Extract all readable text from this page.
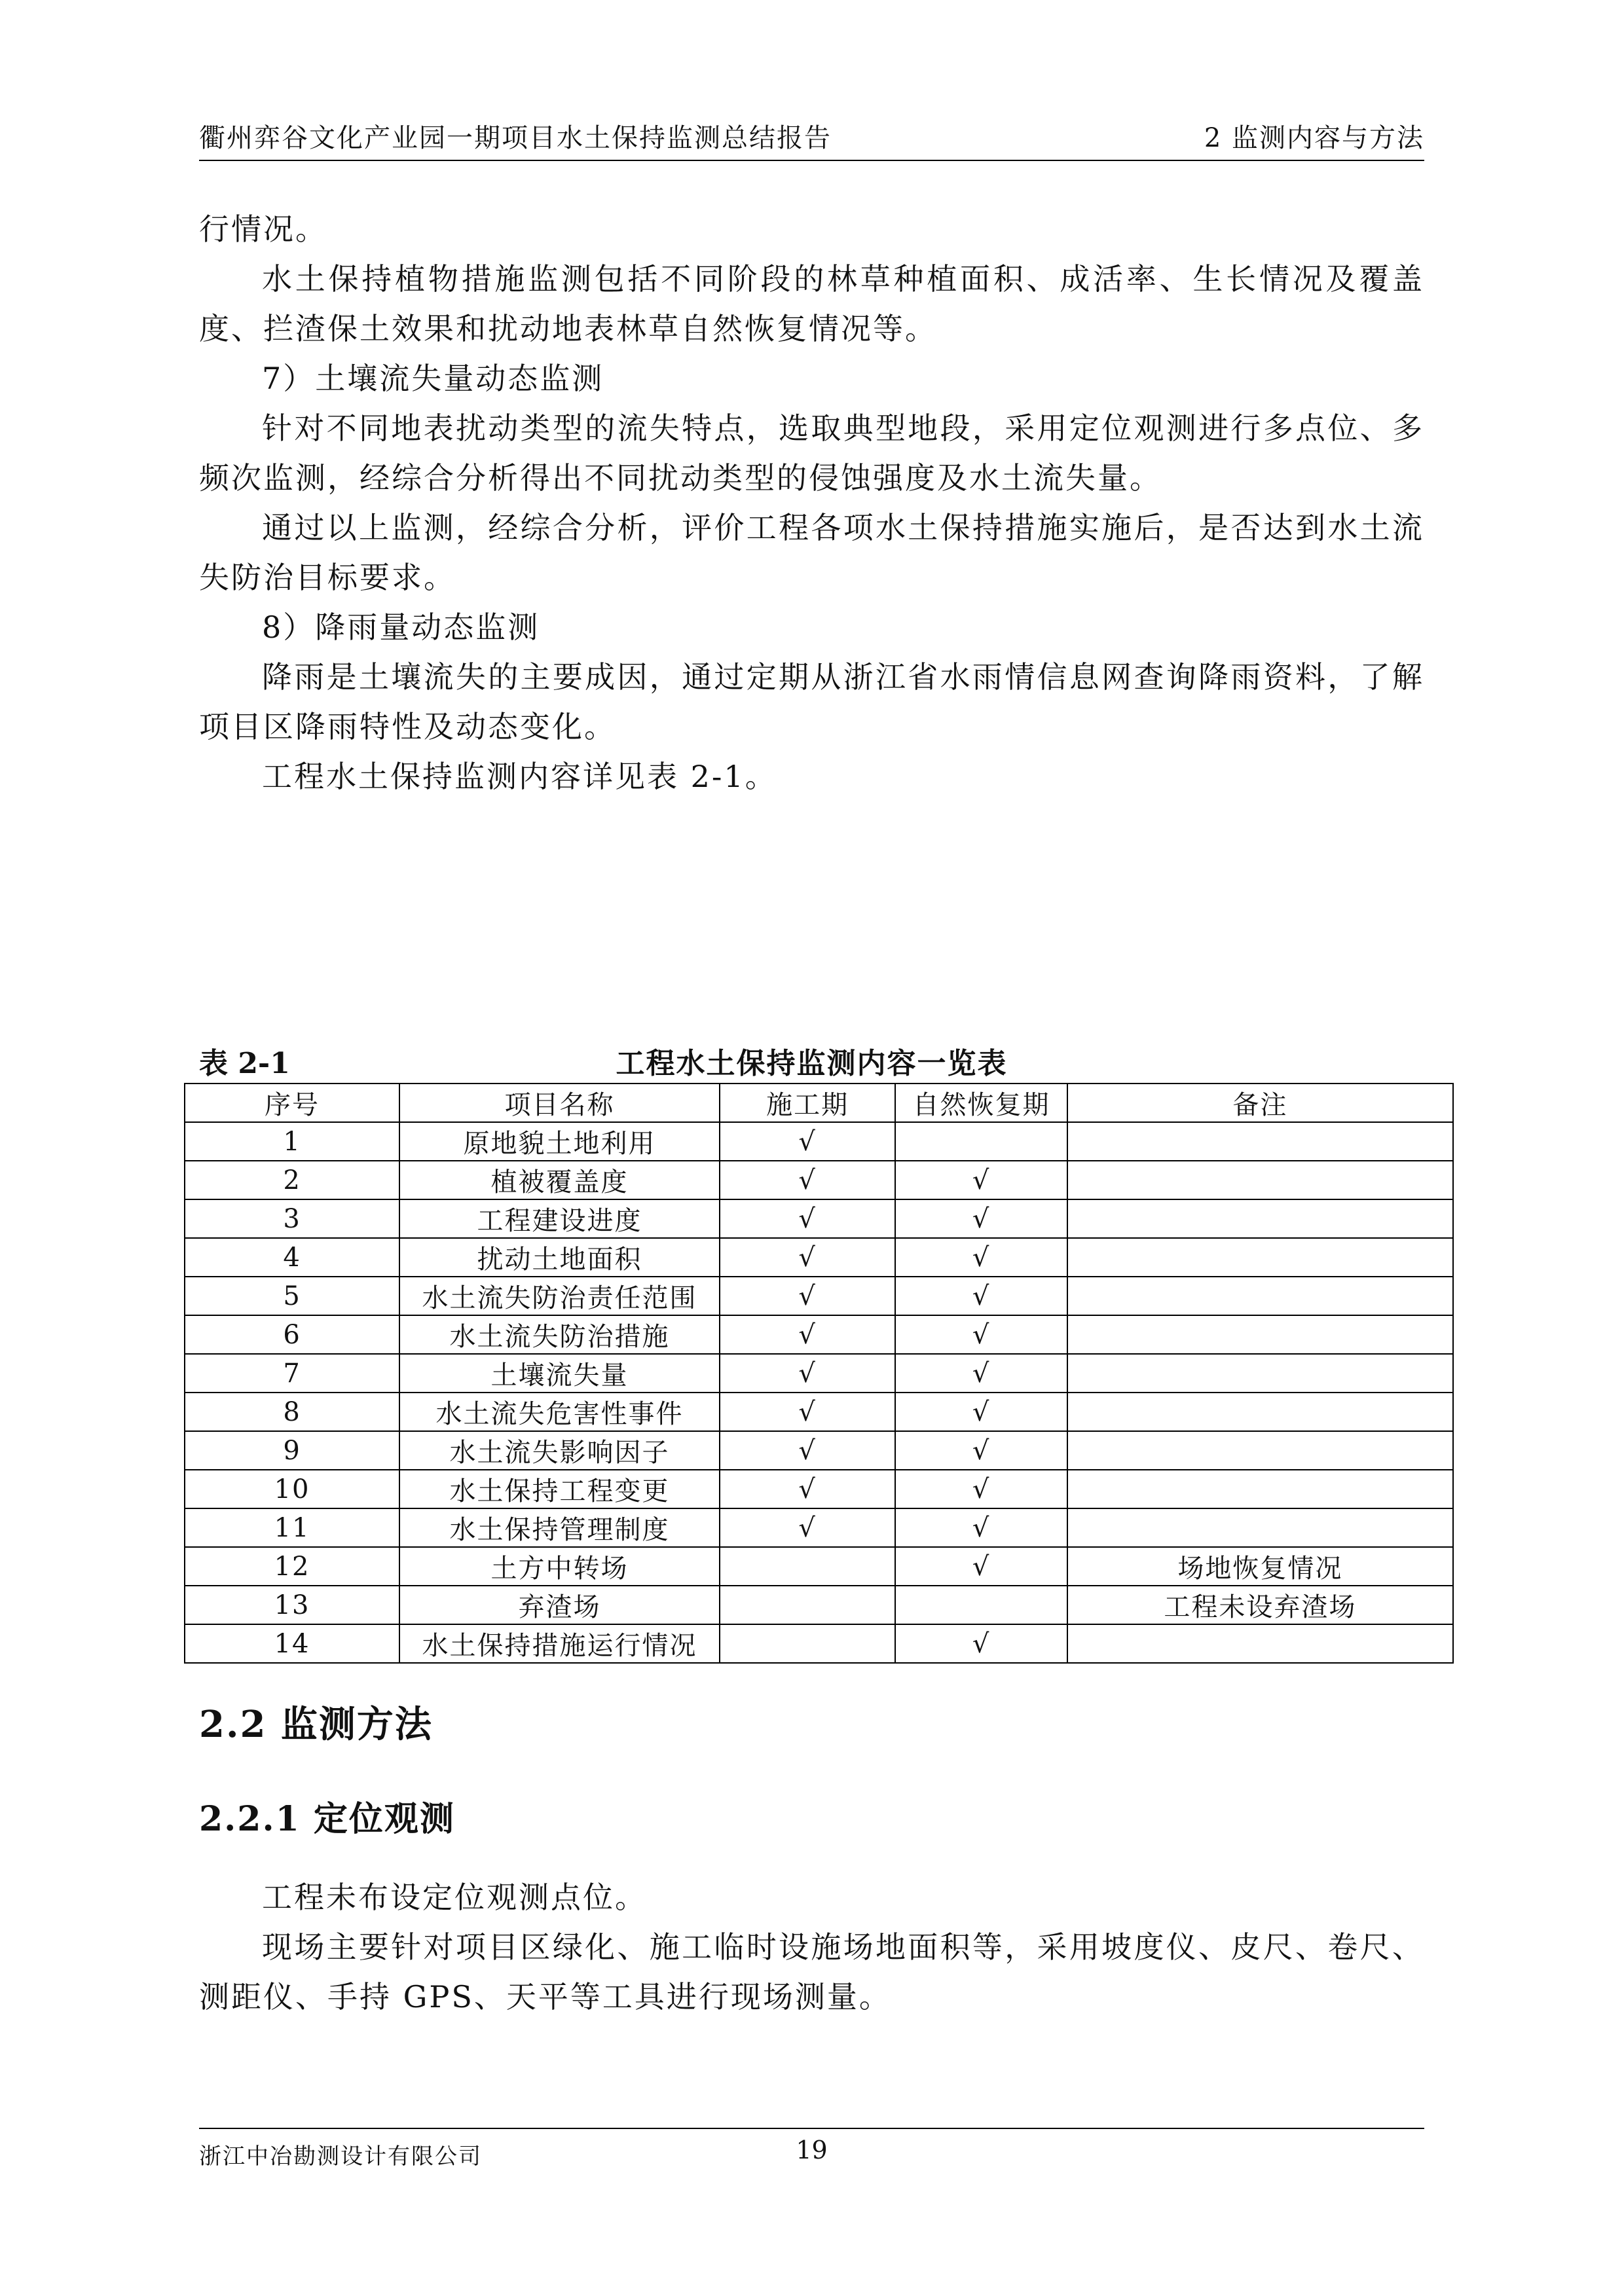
衢州弈谷文化产业园一期项目水土保持监测总结报告	2 监测内容与方法

行情况。

水土保持植物措施监测包括不同阶段的林草种植面积、成活率、生长情况及覆盖度、拦渣保土效果和扰动地表林草自然恢复情况等。

7）土壤流失量动态监测

针对不同地表扰动类型的流失特点，选取典型地段，采用定位观测进行多点位、多频次监测，经综合分析得出不同扰动类型的侵蚀强度及水土流失量。

通过以上监测，经综合分析，评价工程各项水土保持措施实施后，是否达到水土流失防治目标要求。

8）降雨量动态监测

降雨是土壤流失的主要成因，通过定期从浙江省水雨情信息网查询降雨资料，了解项目区降雨特性及动态变化。

工程水土保持监测内容详见表 2-1。

表 2-1	工程水土保持监测内容一览表
序号	项目名称	施工期	自然恢复期	备注
1	原地貌土地利用	√		
2	植被覆盖度	√	√	
3	工程建设进度	√	√	
4	扰动土地面积	√	√	
5	水土流失防治责任范围	√	√	
6	水土流失防治措施	√	√	
7	土壤流失量	√	√	
8	水土流失危害性事件	√	√	
9	水土流失影响因子	√	√	
10	水土保持工程变更	√	√	
11	水土保持管理制度	√	√	
12	土方中转场		√	场地恢复情况
13	弃渣场			工程未设弃渣场
14	水土保持措施运行情况		√	
2.2 监测方法
2.2.1 定位观测

工程未布设定位观测点位。

现场主要针对项目区绿化、施工临时设施场地面积等，采用坡度仪、皮尺、卷尺、测距仪、手持 GPS、天平等工具进行现场测量。

浙江中冶勘测设计有限公司	19
